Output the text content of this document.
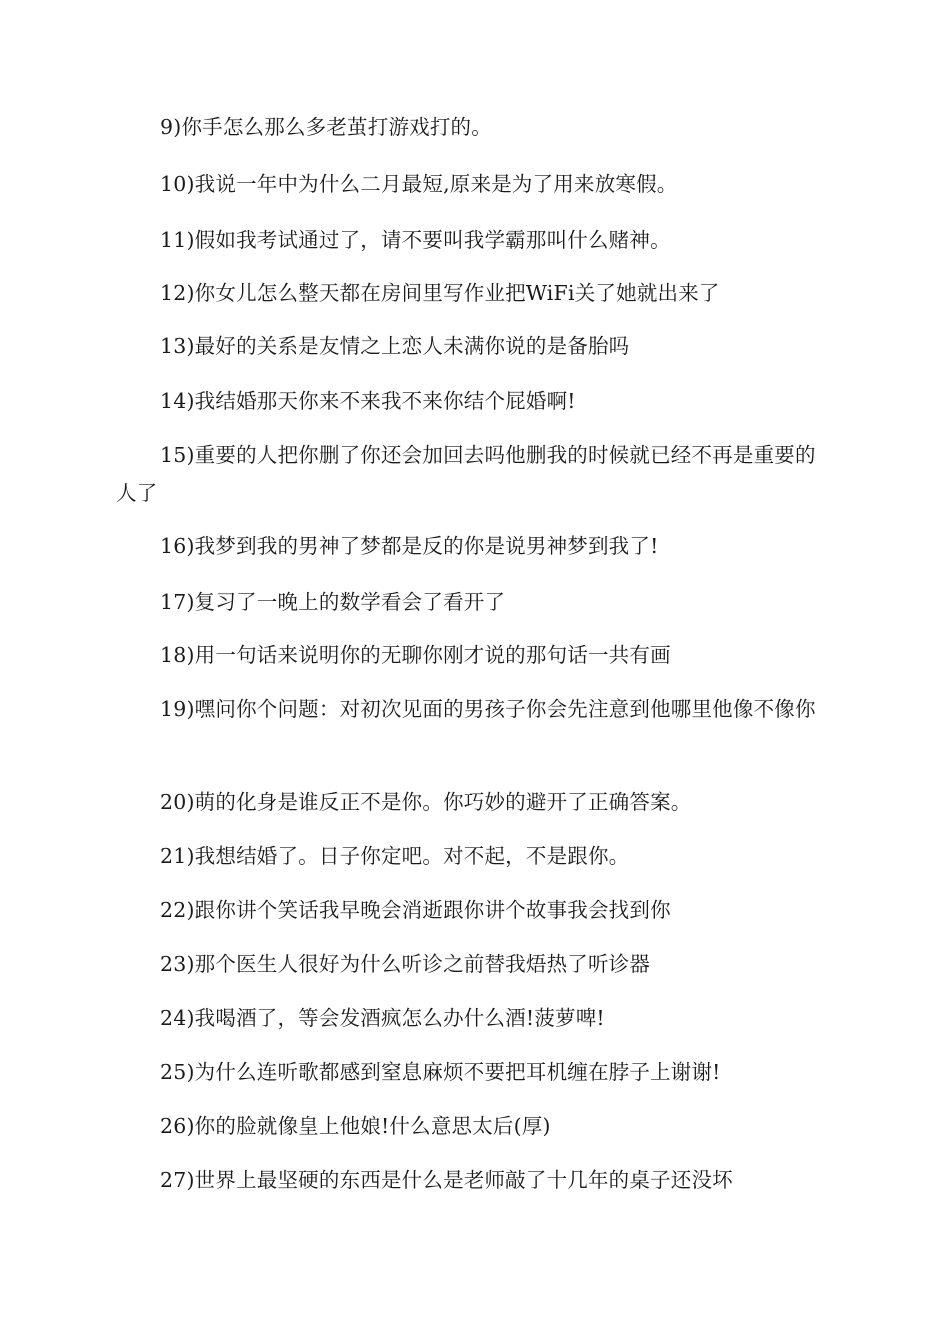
9)你手怎么那么多老茧打游戏打的。

10)我说一年中为什么二月最短,原来是为了用来放寒假。

11)假如我考试通过了，请不要叫我学霸那叫什么赌神。

12)你女儿怎么整天都在房间里写作业把WiFi关了她就出来了

13)最好的关系是友情之上恋人未满你说的是备胎吗

14)我结婚那天你来不来我不来你结个屁婚啊!

15)重要的人把你删了你还会加回去吗他删我的时候就已经不再是重要的人了

16)我梦到我的男神了梦都是反的你是说男神梦到我了!

17)复习了一晚上的数学看会了看开了

18)用一句话来说明你的无聊你刚才说的那句话一共有画

19)嘿问你个问题：对初次见面的男孩子你会先注意到他哪里他像不像你

20)萌的化身是谁反正不是你。你巧妙的避开了正确答案。

21)我想结婚了。日子你定吧。对不起，不是跟你。

22)跟你讲个笑话我早晚会消逝跟你讲个故事我会找到你

23)那个医生人很好为什么听诊之前替我焐热了听诊器

24)我喝酒了，等会发酒疯怎么办什么酒!菠萝啤!

25)为什么连听歌都感到窒息麻烦不要把耳机缠在脖子上谢谢!

26)你的脸就像皇上他娘!什么意思太后(厚)

27)世界上最坚硬的东西是什么是老师敲了十几年的桌子还没坏
